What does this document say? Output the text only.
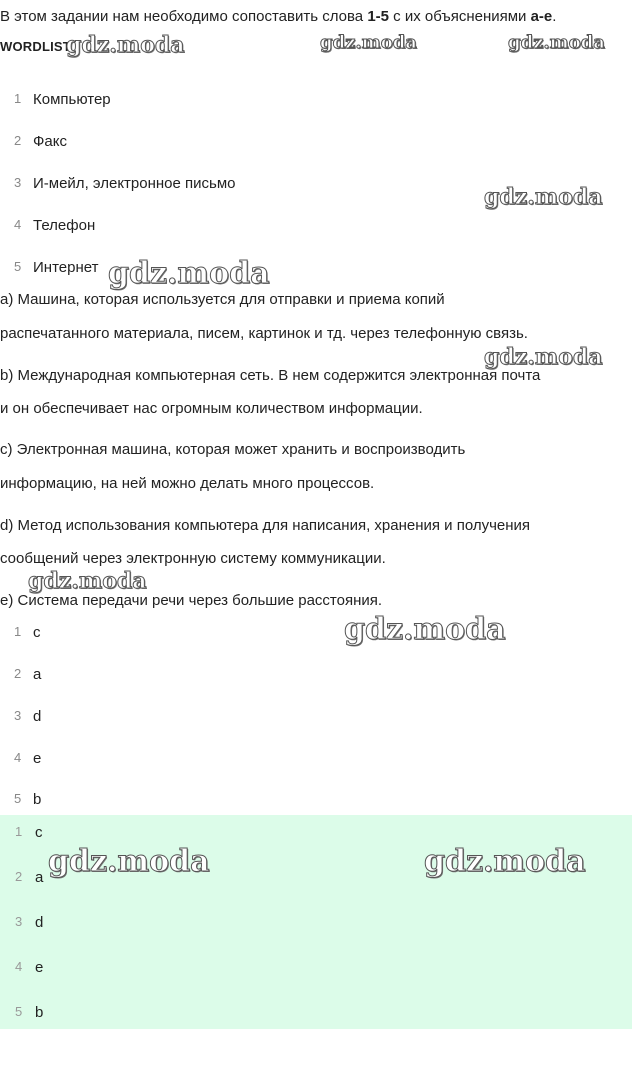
В этом задании нам необходимо сопоставить слова 1-5 с их объяснениями a-e.
WORDLIST
1 Компьютер
2 Факс
3 И-мейл, электронное письмо
4 Телефон
5 Интернет
a) Машина, которая используется для отправки и приема копий
распечатанного материала, писем, картинок и тд. через телефонную связь.
b) Международная компьютерная сеть. В нем содержится электронная почта
и он обеспечивает нас огромным количеством информации.
c) Электронная машина, которая может хранить и воспроизводить
информацию, на ней можно делать много процессов.
d) Метод использования компьютера для написания, хранения и получения
сообщений через электронную систему коммуникации.
e) Система передачи речи через большие расстояния.
1 c
2 a
3 d
4 e
5 b
1 c
2 a
3 d
4 e
5 b
gdz.moda	gdz.moda	gdz.moda
gdz.moda
gdz.moda
gdz.moda
gdz.moda
gdz.moda
gdz.moda	gdz.moda
